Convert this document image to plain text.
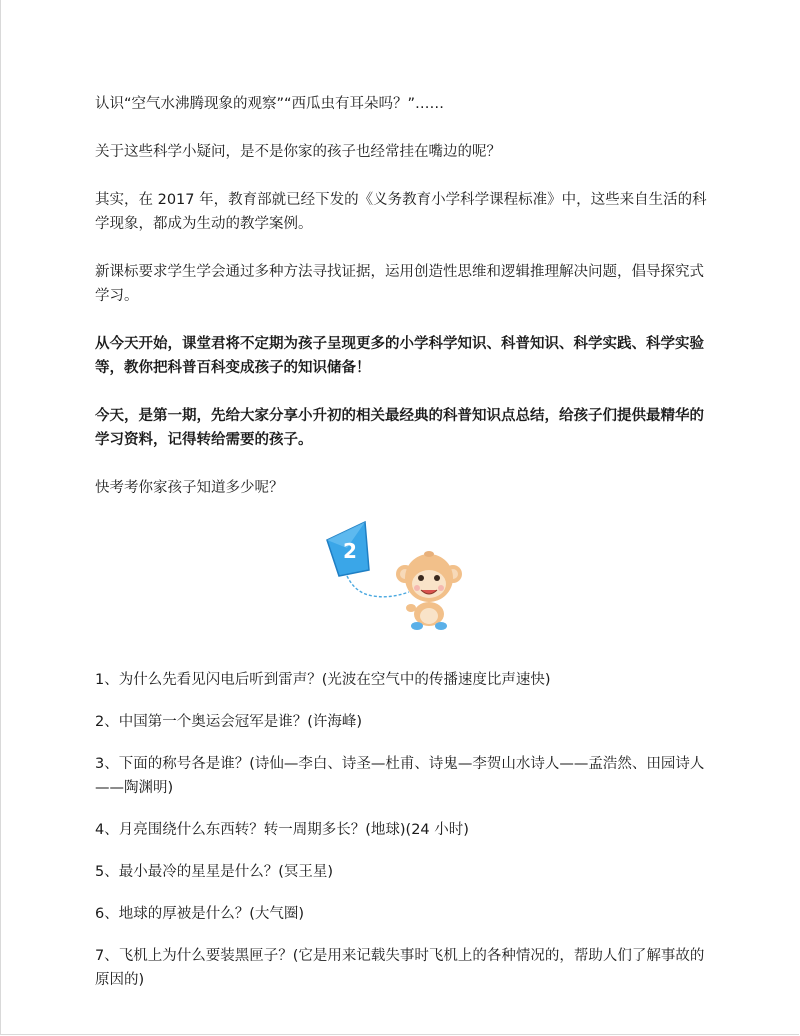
认识“空气水沸腾现象的观察”“西瓜虫有耳朵吗？”……

关于这些科学小疑问，是不是你家的孩子也经常挂在嘴边的呢？

其实，在 2017 年，教育部就已经下发的《义务教育小学科学课程标准》中，这些来自生活的科学现象，都成为生动的教学案例。

新课标要求学生学会通过多种方法寻找证据，运用创造性思维和逻辑推理解决问题，倡导探究式学习。

从今天开始，课堂君将不定期为孩子呈现更多的小学科学知识、科普知识、科学实践、科学实验等，教你把科普百科变成孩子的知识储备！

今天，是第一期，先给大家分享小升初的相关最经典的科普知识点总结，给孩子们提供最精华的学习资料，记得转给需要的孩子。

快考考你家孩子知道多少呢？

2

1、为什么先看见闪电后听到雷声？(光波在空气中的传播速度比声速快)

2、中国第一个奥运会冠军是谁？(许海峰)

3、下面的称号各是谁？(诗仙—李白、诗圣—杜甫、诗鬼—李贺山水诗人——孟浩然、田园诗人——陶渊明)

4、月亮围绕什么东西转？转一周期多长？(地球)(24 小时)

5、最小最冷的星星是什么？(冥王星)

6、地球的厚被是什么？(大气圈)

7、飞机上为什么要装黑匣子？(它是用来记载失事时飞机上的各种情况的，帮助人们了解事故的原因的)
